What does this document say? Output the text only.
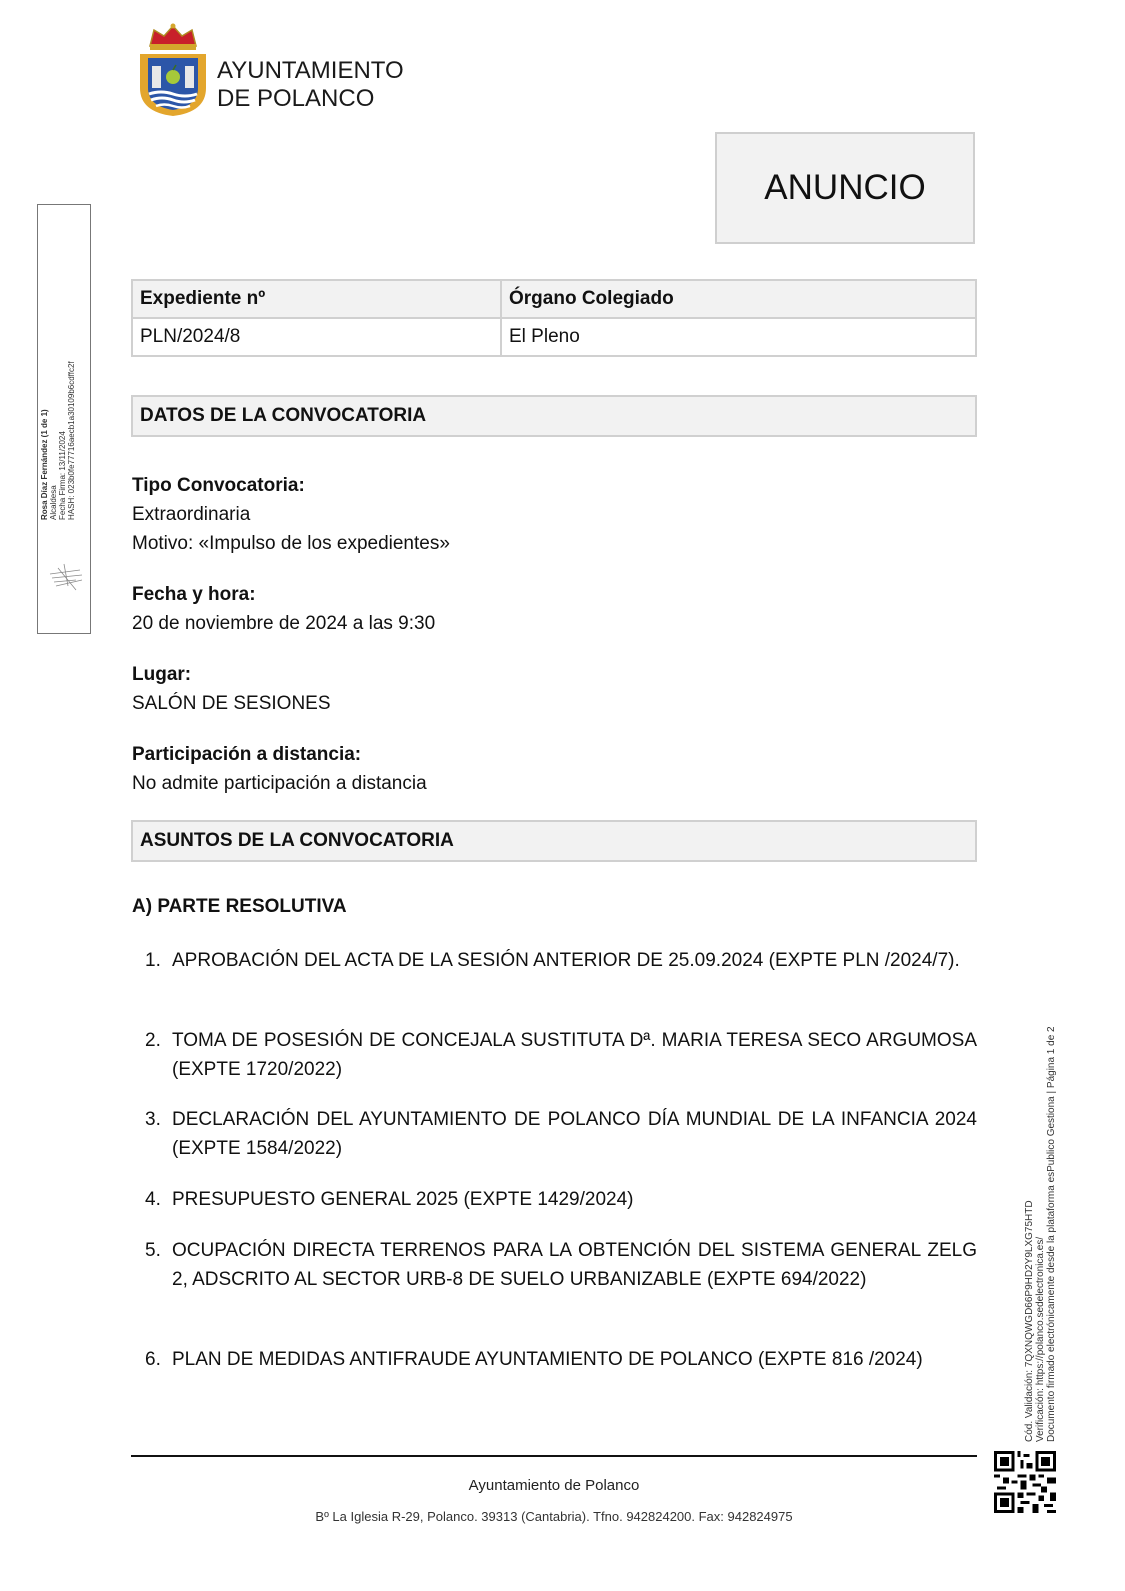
AYUNTAMIENTO
DE POLANCO
ANUNCIO
Expediente nº	Órgano Colegiado
PLN/2024/8	El Pleno
DATOS DE LA CONVOCATORIA
Tipo Convocatoria:
Extraordinaria
Motivo: «Impulso de los expedientes»
Fecha y hora:
20 de noviembre de 2024 a las 9:30
Lugar:
SALÓN DE SESIONES
Participación a distancia:
No admite participación a distancia
ASUNTOS DE LA CONVOCATORIA
A) PARTE RESOLUTIVA
1. APROBACIÓN DEL ACTA DE LA SESIÓN ANTERIOR DE 25.09.2024 (EXPTE PLN /2024/7).
2. TOMA DE POSESIÓN DE CONCEJALA SUSTITUTA Dª. MARIA TERESA SECO ARGUMOSA (EXPTE 1720/2022)
3. DECLARACIÓN DEL AYUNTAMIENTO DE POLANCO DÍA MUNDIAL DE LA INFANCIA 2024 (EXPTE 1584/2022)
4. PRESUPUESTO GENERAL 2025 (EXPTE 1429/2024)
5. OCUPACIÓN DIRECTA TERRENOS PARA LA OBTENCIÓN DEL SISTEMA GENERAL ZELG 2, ADSCRITO AL SECTOR URB-8 DE SUELO URBANIZABLE (EXPTE 694/2022)
6. PLAN DE MEDIDAS ANTIFRAUDE AYUNTAMIENTO DE POLANCO (EXPTE 816 /2024)
Ayuntamiento de Polanco
Bº La Iglesia R-29, Polanco. 39313 (Cantabria). Tfno. 942824200. Fax: 942824975
Rosa Díaz Fernández (1 de 1) Alcaldesa Fecha Firma: 13/11/2024 HASH: 023b0fe77716aecb1a30109b6cdffc2f
Cód. Validación: 7QXNQWGD66P9HD2Y9LXG75HTD Verificación: https://polanco.sedelectronica.es/ Documento firmado electrónicamente desde la plataforma esPublico Gestiona | Página 1 de 2
